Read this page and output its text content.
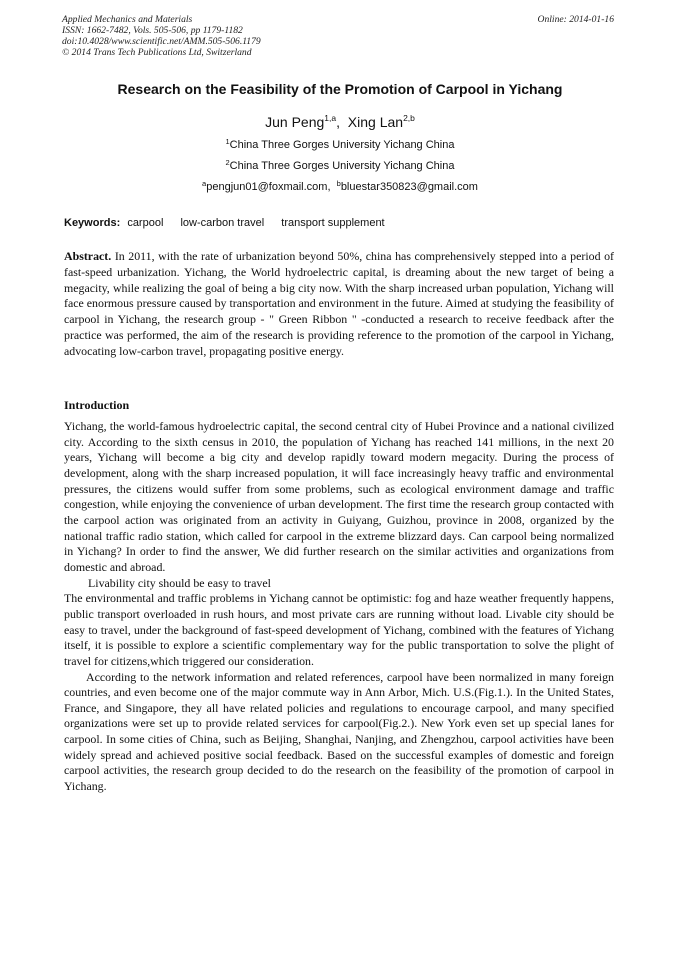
Applied Mechanics and Materials
ISSN: 1662-7482, Vols. 505-506, pp 1179-1182
doi:10.4028/www.scientific.net/AMM.505-506.1179
© 2014 Trans Tech Publications Ltd, Switzerland
Online: 2014-01-16
Research on the Feasibility of the Promotion of Carpool in Yichang
Jun Peng$^{1,a}$, Xing Lan$^{2,b}$
$^1$China Three Gorges University Yichang China
$^2$China Three Gorges University Yichang China
$^a$pengjun01@foxmail.com, $^b$bluestar350823@gmail.com
Keywords: carpool low-carbon travel transport supplement
Abstract. In 2011, with the rate of urbanization beyond 50%, china has comprehensively stepped into a period of fast-speed urbanization. Yichang, the World hydroelectric capital, is dreaming about the new target of being a megacity, while realizing the goal of being a big city now. With the sharp increased urban population, Yichang will face enormous pressure caused by transportation and environment in the future. Aimed at studying the feasibility of carpool in Yichang, the research group - " Green Ribbon " -conducted a research to receive feedback after the practice was performed, the aim of the research is providing reference to the promotion of the carpool in Yichang, advocating low-carbon travel, propagating positive energy.
Introduction

Yichang, the world-famous hydroelectric capital, the second central city of Hubei Province and a national civilized city. According to the sixth census in 2010, the population of Yichang has reached 141 millions, in the next 20 years, Yichang will become a big city and develop rapidly toward modern megacity. During the process of development, along with the sharp increased population, it will face increasingly heavy traffic and environmental pressures, the citizens would suffer from some problems, such as ecological environment damage and traffic congestion, while enjoying the convenience of urban development. The first time the research group contacted with the carpool action was originated from an activity in Guiyang, Guizhou, province in 2008, organized by the national traffic radio station, which called for carpool in the extreme blizzard days. Can carpool being normalized in Yichang? In order to find the answer, We did further research on the similar activities and organizations from domestic and abroad.

Livability city should be easy to travel

The environmental and traffic problems in Yichang cannot be optimistic: fog and haze weather frequently happens, public transport overloaded in rush hours, and most private cars are running without load. Livable city should be easy to travel, under the background of fast-speed development of Yichang, combined with the features of Yichang itself, it is possible to explore a scientific complementary way for the public transportation to solve the plight of travel for citizens,which triggered our consideration.

According to the network information and related references, carpool have been normalized in many foreign countries, and even become one of the major commute way in Ann Arbor, Mich. U.S.(Fig.1.). In the United States, France, and Singapore, they all have related policies and regulations to encourage carpool, and many specified organizations were set up to provide related services for carpool(Fig.2.). New York even set up special lanes for carpool. In some cities of China, such as Beijing, Shanghai, Nanjing, and Zhengzhou, carpool activities have been widely spread and achieved positive social feedback. Based on the successful examples of domestic and foreign carpool activities, the research group decided to do the research on the feasibility of the promotion of carpool in Yichang.
